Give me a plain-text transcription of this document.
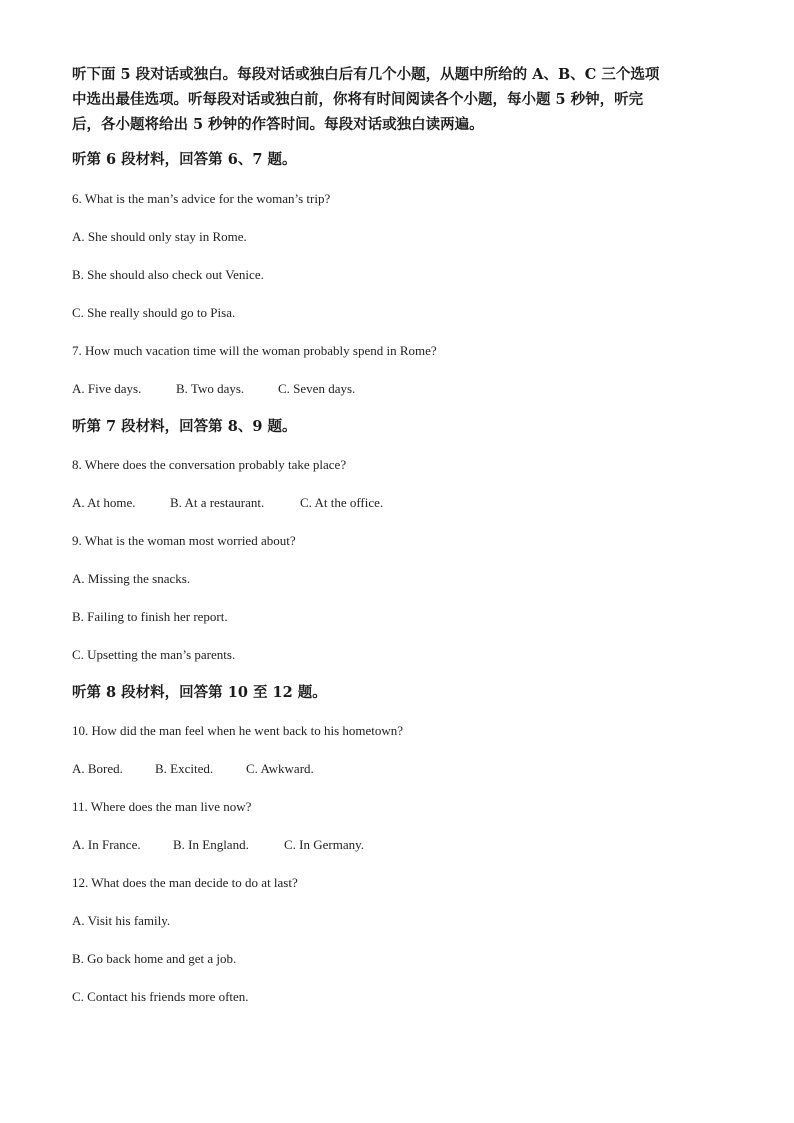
听下面 5 段对话或独白。每段对话或独白后有几个小题，从题中所给的 A、B、C 三个选项
中选出最佳选项。听每段对话或独白前，你将有时间阅读各个小题，每小题 5 秒钟，听完
后，各小题将给出 5 秒钟的作答时间。每段对话或独白读两遍。
听第 6 段材料，回答第 6、7 题。
6. What is the man’s advice for the woman’s trip?
A. She should only stay in Rome.
B. She should also check out Venice.
C. She really should go to Pisa.
7. How much vacation time will the woman probably spend in Rome?
A. Five days.	B. Two days.	C. Seven days.
听第 7 段材料，回答第 8、9 题。
8. Where does the conversation probably take place?
A. At home.	B. At a restaurant.	C. At the office.
9. What is the woman most worried about?
A. Missing the snacks.
B. Failing to finish her report.
C. Upsetting the man’s parents.
听第 8 段材料，回答第 10 至 12 题。
10. How did the man feel when he went back to his hometown?
A. Bored. B. Excited.	C. Awkward.
11. Where does the man live now?
A. In France. B. In England.	C. In Germany.
12. What does the man decide to do at last?
A. Visit his family.
B. Go back home and get a job.
C. Contact his friends more often.
